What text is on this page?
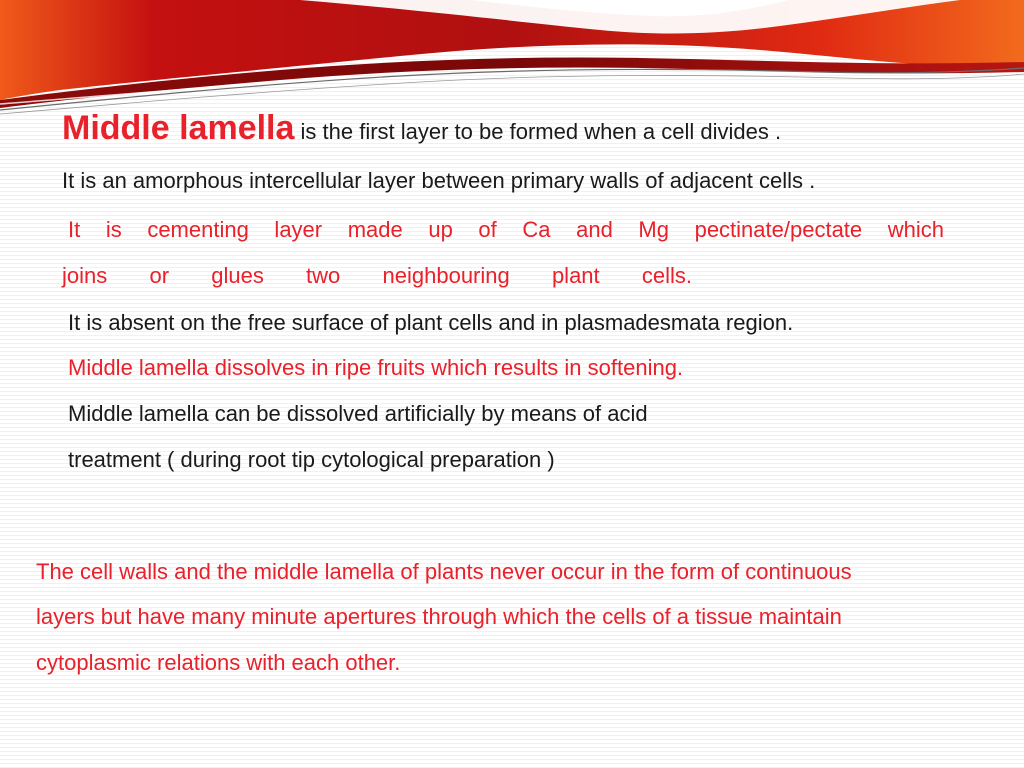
Middle lamella is the first layer to be formed when a cell divides .
It is an amorphous intercellular layer between primary walls of adjacent cells .
It is cementing layer made up of Ca and Mg pectinate/pectate which
joins or glues two neighbouring plant cells.
It is absent on the free surface of plant cells and in plasmadesmata region.
Middle lamella dissolves in ripe fruits which results in softening.
Middle lamella can be dissolved artificially by means of acid
treatment ( during root tip cytological preparation )
The cell walls and the middle lamella of plants never occur in the form of continuous
layers but have many minute apertures through which the cells of a tissue maintain
cytoplasmic relations with each other.
